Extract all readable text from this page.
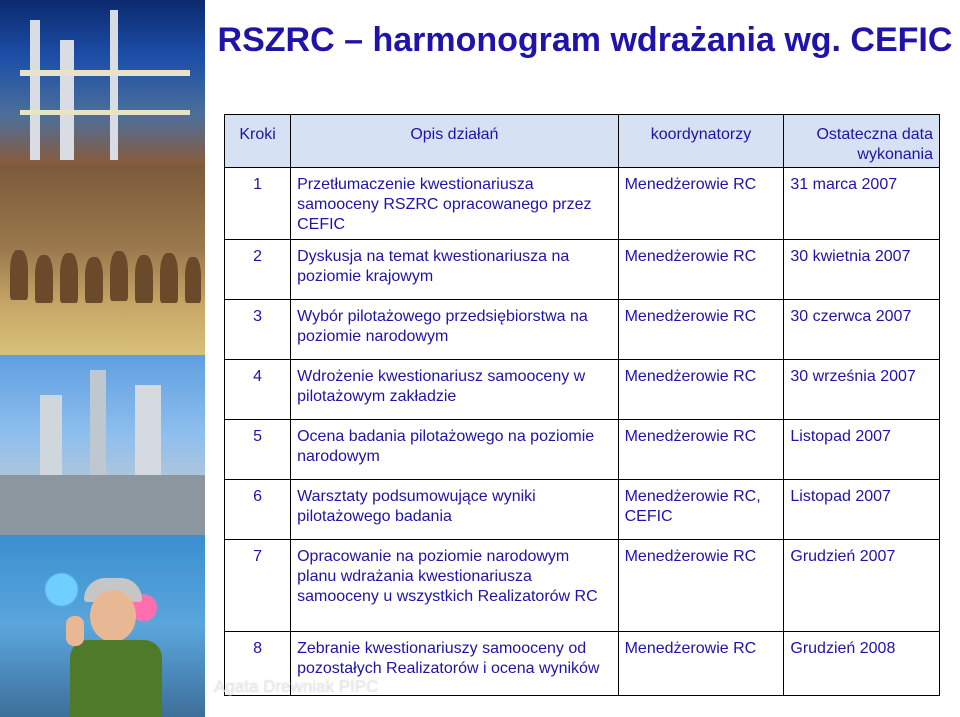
RSZRC – harmonogram wdrażania wg. CEFIC
Kroki	Opis działań	koordynatorzy	Ostateczna data wykonania
1	Przetłumaczenie kwestionariusza samooceny RSZRC opracowanego przez CEFIC	Menedżerowie RC	31 marca 2007
2	Dyskusja na temat kwestionariusza na poziomie krajowym	Menedżerowie RC	30 kwietnia 2007
3	Wybór pilotażowego przedsiębiorstwa na poziomie narodowym	Menedżerowie RC	30 czerwca 2007
4	Wdrożenie kwestionariusz samooceny w pilotażowym zakładzie	Menedżerowie RC	30 września 2007
5	Ocena badania pilotażowego na poziomie narodowym	Menedżerowie RC	Listopad 2007
6	Warsztaty podsumowujące wyniki pilotażowego badania	Menedżerowie RC, CEFIC	Listopad 2007
7	Opracowanie na poziomie narodowym planu wdrażania kwestionariusza samooceny u wszystkich Realizatorów RC	Menedżerowie RC	Grudzień 2007
8	Zebranie kwestionariuszy samooceny od pozostałych Realizatorów i ocena wyników	Menedżerowie RC	Grudzień 2008
Agata Drewniak PIPC
